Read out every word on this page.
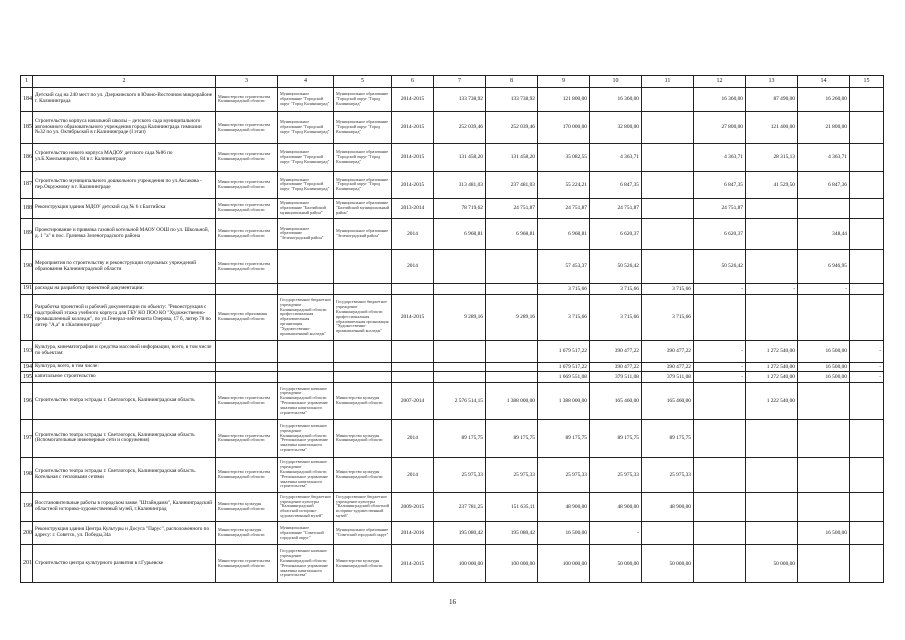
1	2	3	4	5	6	7	8	9	10	11	12	13	14	15
184	Детский сад на 240 мест по ул. Дзержинского в Южно-Восточном микрорайоне г. Калининграда	Министерство строительства Калининградской области	Муниципальное образование "Городской округ "Город Калининград"	Муниципальное образование "Городской округ "Город Калининград"	2014-2015	133 738,92	133 738,92	121 800,00	16 360,00		16 360,00	87 490,00	16 260,00	
185	Строительство корпуса начальной школы – детского сада муниципального автономного образовательного учреждения города Калининграда гимназии №32 по ул. Октябрьской в г.Калининграде (I этап)	Министерство строительства Калининградской области	Муниципальное образование "Городской округ "Город Калининград"	Муниципальное образование "Городской округ "Город Калининград"	2014-2015	252 039,46	252 039,46	170 000,00	32 800,00		27 800,00	121 400,00	21 800,00	
186	Строительство нового корпуса МАДОУ детского сада №86 по ул.Б.Хмельницкого, 84 в г. Калининграде	Министерство строительства Калининградской области	Муниципальное образование "Городской округ "Город Калининград"	Муниципальное образование "Городской округ "Город Калининград"	2014-2015	131 458,20	131 458,20	35 082,55	4 363,71		4 363,71	28 315,13	4 363,71	
187	Строительство муниципального дошкольного учреждения по ул.Аксакова - пер.Окружному в г. Калининграде	Министерство строительства Калининградской области	Муниципальное образование "Городской округ "Город Калининград"	Муниципальное образование "Городской округ "Город Калининград"	2014-2015	313 481,03	237 481,03	55 224,21	6 847,35		6 847,35	41 529,50	6 847,36	
188	Реконструкция здания МДОУ детский сад № 6 г.Балтийска	Министерство строительства Калининградской области	Муниципальное образование "Балтийский муниципальный район"	Муниципальное образование "Балтийский муниципальный район"	2013-2014	78 719,62	24 751,87	24 751,87	24 751,87		24 751,87			
189	Проектирование и привязка газовой котельной МАОУ ООШ по ул. Школьной, д. 1 "а" в пос. Грачевка Зеленоградского района	Министерство строительства Калининградской области	Муниципальное образование "Зеленоградский район"	Муниципальное образование "Зеленоградский район"	2014	6 968,81	6 968,81	6 968,81	6 620,37		6 620,37		348,44	
190	Мероприятия по строительству и реконструкции отдельных учреждений образования Калининградской области	Министерство строительства Калининградской области			2014			57 453,37	50 526,42		50 526,42		6 946,95	
191	расходы на разработку проектной документации:							3 715,66	3 715,66	3 715,66	-	-	-	
192	Разработка проектной и рабочей документации по объекту: "Реконструкция с надстройкой этажа учебного корпуса для ГБУ КО ПОО КО "Художественно-промышленный колледж", по ул.Генерал-лейтенанта Озерова, 17 б, литер 78 по литер "А,а" в г.Калининграде"	Министерство образования Калининградской области	Государственное бюджетное учреждение Калининградской области профессиональная образовательная организация "Художественно-промышленный колледж"	Государственное бюджетное учреждение Калининградской области профессиональная образовательная организация "Художественно-промышленный колледж"	2014-2015	9 289,16	9 289,16	3 715,66	3 715,66	3 715,66				
193	Культура, кинематография и средства массовой информации, всего, в том числе по объектам:							1 679 517,22	390 477,22	390 477,22	-	1 272 540,00	16 500,00	-
194	Культура, всего, в том числе:							1 679 517,22	390 477,22	390 477,22	-	1 272 540,00	16 500,00	-
195	капитальное строительство							1 669 551,08	379 511,08	379 511,08	-	1 272 540,00	16 500,00	-
196	Строительство театра эстрады г. Светлогорск, Калининградская область	Министерство строительства Калининградской области	Государственное казенное учреждение Калининградской области "Региональное управление заказчика капитального строительства"	Министерство культуры Калининградской области	2007-2014	2 576 514,15	1 388 000,00	1 388 000,00	165 460,00	165 460,00		1 222 540,00		
197	Строительство театра эстрады г. Светлогорск, Калининградская область (Вспомогательные инженерные сети и сооружения)	Министерство строительства Калининградской области	Государственное казенное учреждение Калининградской области "Региональное управление заказчика капитального строительства"	Министерство культуры Калининградской области	2014	89 175,75	89 175,75	89 175,75	89 175,75	89 175,75				
198	Строительство театра эстрады г. Светлогорск, Калининградская область. Котельная с тепловыми сетями	Министерство строительства Калининградской области	Государственное казенное учреждение Калининградской области "Региональное управление заказчика капитального строительства"	Министерство культуры Калининградской области	2014	25 975,33	25 975,33	25 975,33	25 975,33	25 975,33				
199	Восстановительные работы в городском замке "Штайндамм", Калининградский областной историко-художественный музей, г.Калининград	Министерство культуры Калининградской области	Государственное бюджетное учреждение культуры "Калининградский областной историко-художественный музей"	Государственное бюджетное учреждение культуры "Калининградский областной историко-художественный музей"	2009-2015	237 781,25	151 635,11	48 900,00	48 900,00	48 900,00				
200	Реконструкция здания Центра Культуры и Досуга "Парус", расположенного по адресу: г. Советск, ул. Победы,34а	Министерство культуры Калининградской области	Муниципальное образование "Советский городской округ"	Муниципальное образование "Советский городской округ"	2014-2016	195 080,42	195 080,42	16 500,00	-				16 500,00	
201	Строительство центра культурного развития в г.Гурьевске	Министерство строительства Калининградской области	Государственное казенное учреждение Калининградской области "Региональное управление заказчика капитального строительства"	Министерство культуры Калининградской области	2014-2015	100 000,00	100 000,00	100 000,00	50 000,00	50 000,00		50 000,00		
16
